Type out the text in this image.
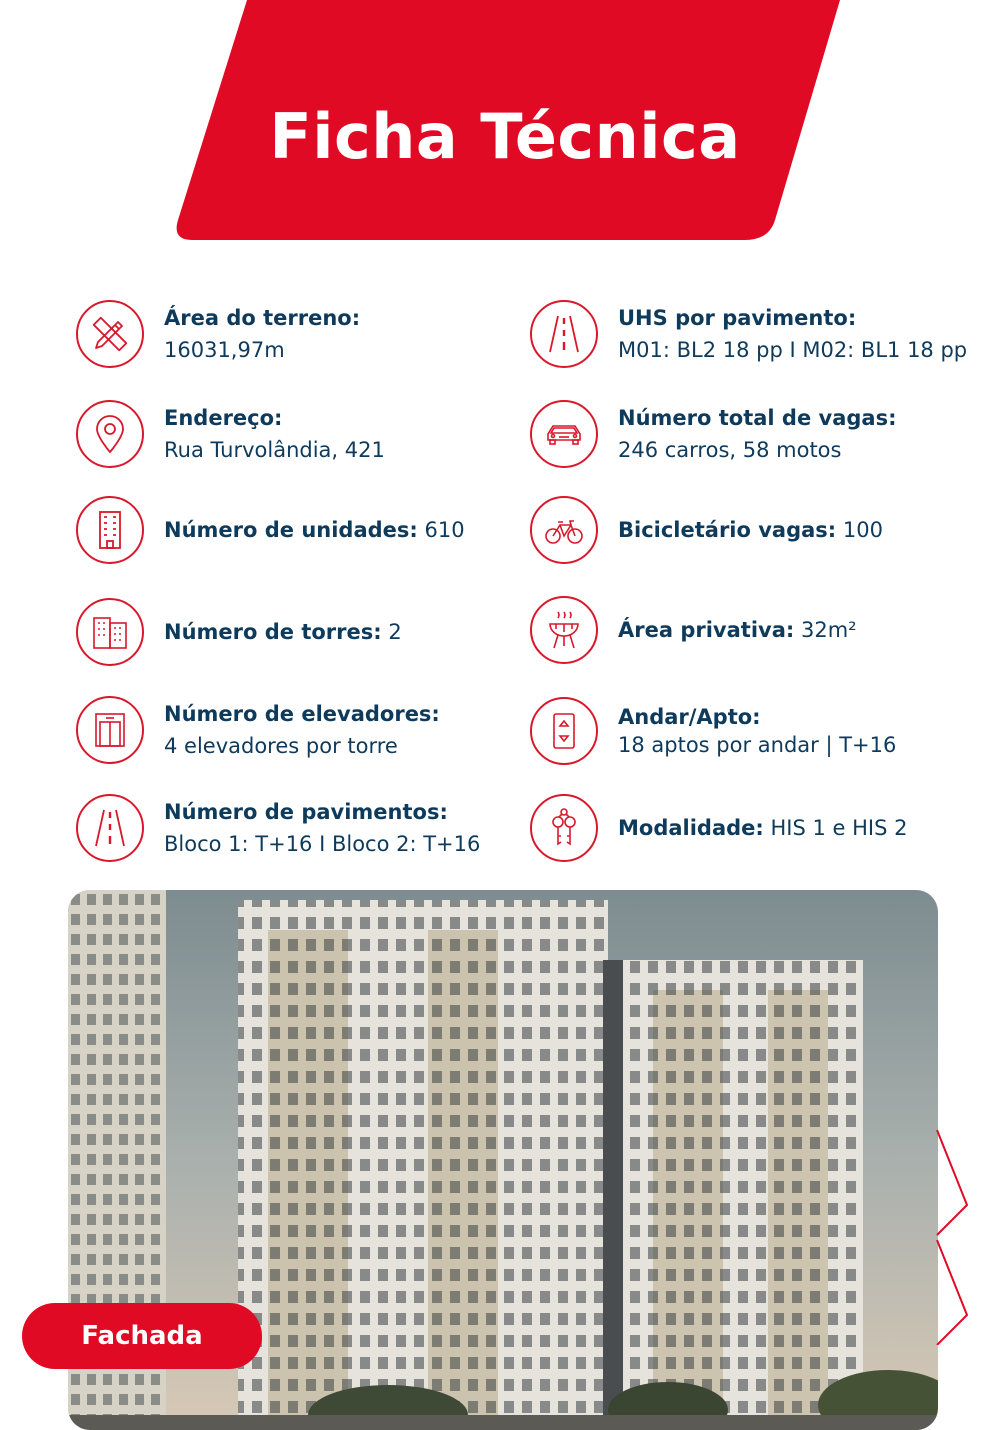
Ficha Técnica
Área do terreno:
16031,97m
Endereço:
Rua Turvolândia, 421
Número de unidades: 610
Número de torres: 2
Número de elevadores:
4 elevadores por torre
Número de pavimentos:
Bloco 1: T+16 I Bloco 2: T+16
UHS por pavimento:
M01: BL2 18 pp I M02: BL1 18 pp
Número total de vagas:
246 carros, 58 motos
Bicicletário vagas: 100
Área privativa: 32m²
Andar/Apto:
18 aptos por andar | T+16
Modalidade: HIS 1 e HIS 2
Fachada
